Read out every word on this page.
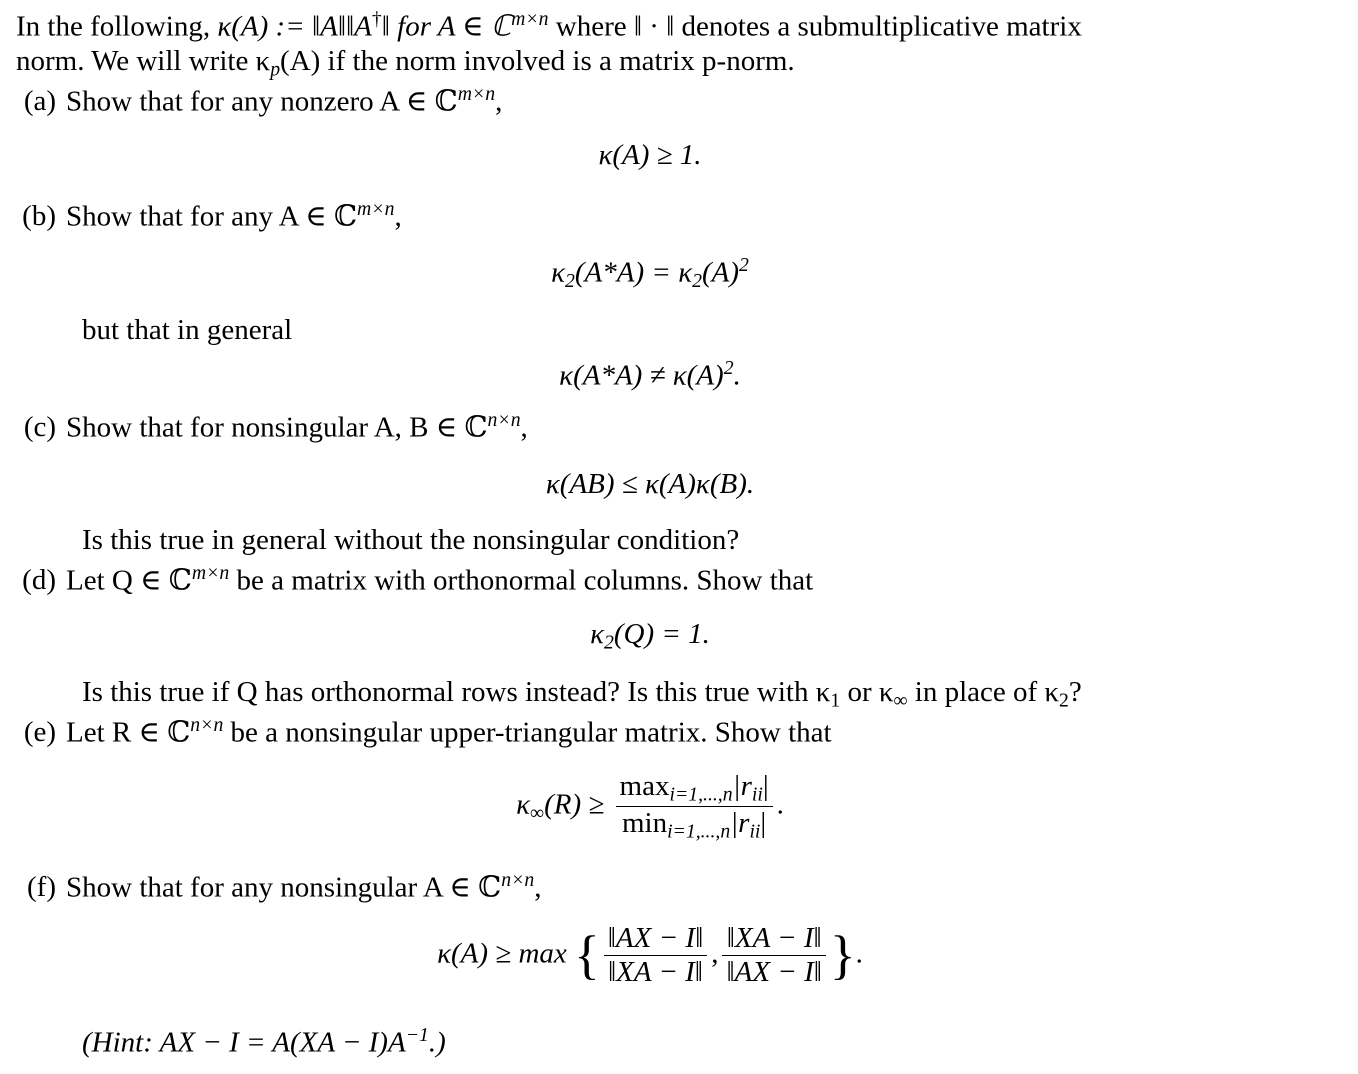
In the following, κ(A) := ‖A‖‖A†‖ for A ∈ ℂ$^{m\times n}$ where ‖ · ‖ denotes a submultiplicative matrix
norm. We will write $\kappa_p(A)$ if the norm involved is a matrix p-norm.
(a) Show that for any nonzero A ∈ ℂ$^{m\times n}$,
κ(A) ≥ 1.
(b) Show that for any A ∈ ℂ$^{m\times n}$,
$\kappa_2(A*A) = \kappa_2(A)^2$
but that in general
$\kappa(A*A) \ne \kappa(A)^2$.
(c) Show that for nonsingular A, B ∈ ℂ$^{n\times n}$,
κ(AB) ≤ κ(A)κ(B).
Is this true in general without the nonsingular condition?
(d) Let Q ∈ ℂ$^{m\times n}$ be a matrix with orthonormal columns. Show that
$\kappa_2(Q) = 1$.
Is this true if Q has orthonormal rows instead? Is this true with $\kappa_1$ or $\kappa_\infty$ in place of $\kappa_2$?
(e) Let R ∈ ℂ$^{n\times n}$ be a nonsingular upper-triangular matrix. Show that
$\kappa_\infty(R) \ge \frac{\max_{i=1,...,n}|r_{ii}|}{\min_{i=1,...,n}|r_{ii}|}$ .
(f) Show that for any nonsingular A ∈ ℂ$^{n\times n}$,
κ(A) ≥ max { $\frac{‖AX - I‖}{‖XA - I‖}$ , $\frac{‖XA - I‖}{‖AX - I‖}$ }.
(Hint: AX − $I = A(XA - I)A^{-1}$.)
